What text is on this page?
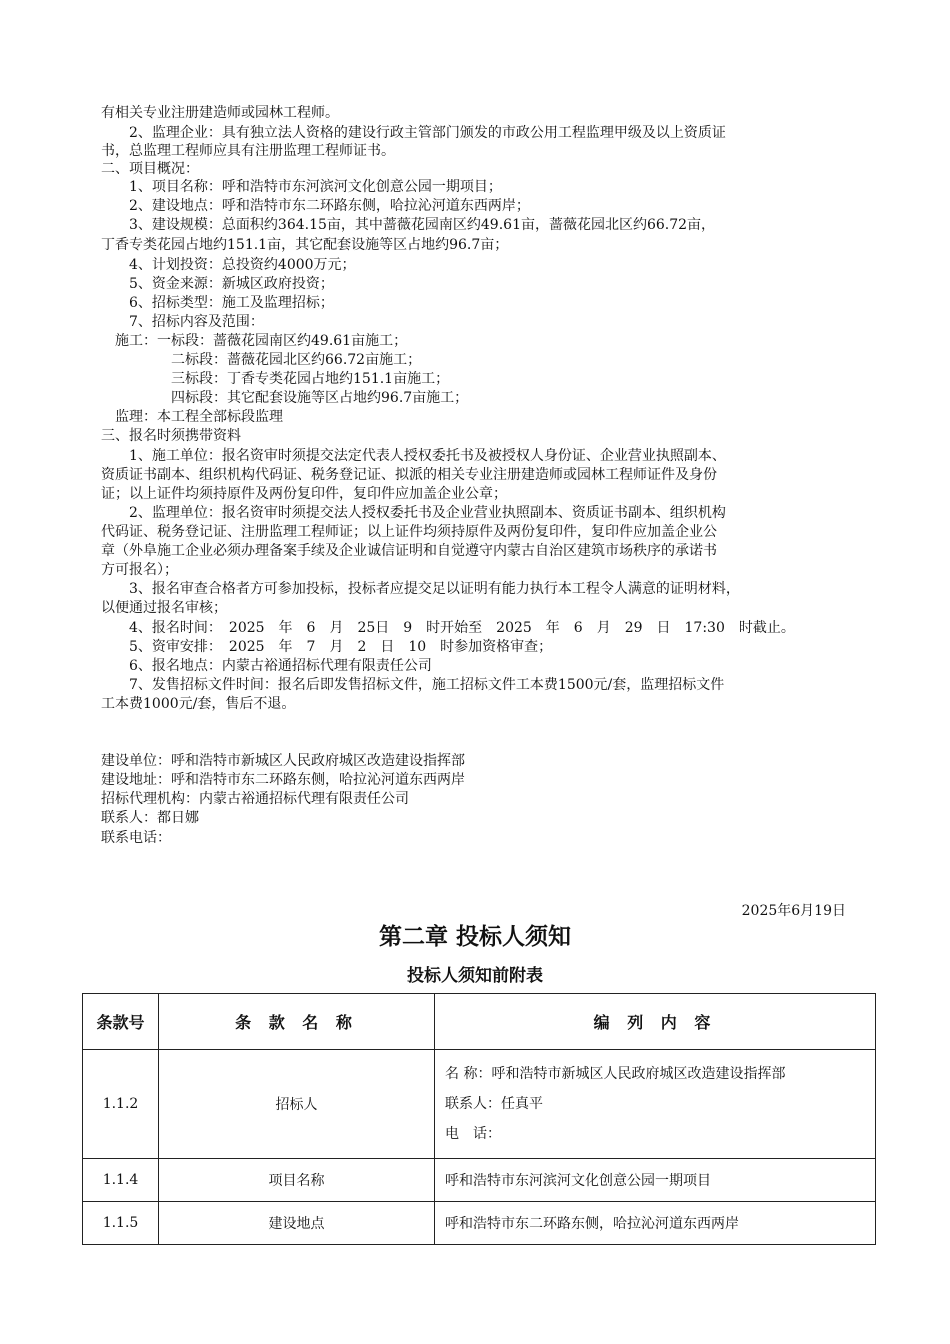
有相关专业注册建造师或园林工程师。
　　2、监理企业：具有独立法人资格的建设行政主管部门颁发的市政公用工程监理甲级及以上资质证
书，总监理工程师应具有注册监理工程师证书。
二、项目概况：
　　1、项目名称：呼和浩特市东河滨河文化创意公园一期项目；
　　2、建设地点：呼和浩特市东二环路东侧，哈拉沁河道东西两岸；
　　3、建设规模：总面积约364.15亩，其中蔷薇花园南区约49.61亩，蔷薇花园北区约66.72亩，
丁香专类花园占地约151.1亩，其它配套设施等区占地约96.7亩；
　　4、计划投资：总投资约4000万元；
　　5、资金来源：新城区政府投资；
　　6、招标类型：施工及监理招标；
　　7、招标内容及范围：
　施工：一标段：蔷薇花园南区约49.61亩施工；
　　　　　二标段：蔷薇花园北区约66.72亩施工；
　　　　　三标段：丁香专类花园占地约151.1亩施工；
　　　　　四标段：其它配套设施等区占地约96.7亩施工；
　监理：本工程全部标段监理
三、报名时须携带资料
　　1、施工单位：报名资审时须提交法定代表人授权委托书及被授权人身份证、企业营业执照副本、
资质证书副本、组织机构代码证、税务登记证、拟派的相关专业注册建造师或园林工程师证件及身份
证；以上证件均须持原件及两份复印件，复印件应加盖企业公章；
　　2、监理单位：报名资审时须提交法人授权委托书及企业营业执照副本、资质证书副本、组织机构
代码证、税务登记证、注册监理工程师证；以上证件均须持原件及两份复印件，复印件应加盖企业公
章（外阜施工企业必须办理备案手续及企业诚信证明和自觉遵守内蒙古自治区建筑市场秩序的承诺书
方可报名）；
　　3、报名审查合格者方可参加投标，投标者应提交足以证明有能力执行本工程令人满意的证明材料，
以便通过报名审核；
　　4、报名时间：　2025　年　6　月　25日　9　时开始至　2025　年　6　月　29　日　17:30　时截止。
　　5、资审安排：　2025　年　7　月　2　日　10　时参加资格审查；
　　6、报名地点：内蒙古裕通招标代理有限责任公司
　　7、发售招标文件时间：报名后即发售招标文件，施工招标文件工本费1500元/套，监理招标文件
工本费1000元/套，售后不退。
建设单位：呼和浩特市新城区人民政府城区改造建设指挥部
建设地址：呼和浩特市东二环路东侧，哈拉沁河道东西两岸
招标代理机构：内蒙古裕通招标代理有限责任公司
联系人：都日娜
联系电话：
2025年6月19日
第二章 投标人须知
投标人须知前附表
条款号	条 款 名 称	编 列 内 容
1.1.2	招标人	名 称：呼和浩特市新城区人民政府城区改造建设指挥部
联系人：任真平
电　话：

1.1.4	项目名称	呼和浩特市东河滨河文化创意公园一期项目
1.1.5	建设地点	呼和浩特市东二环路东侧，哈拉沁河道东西两岸
